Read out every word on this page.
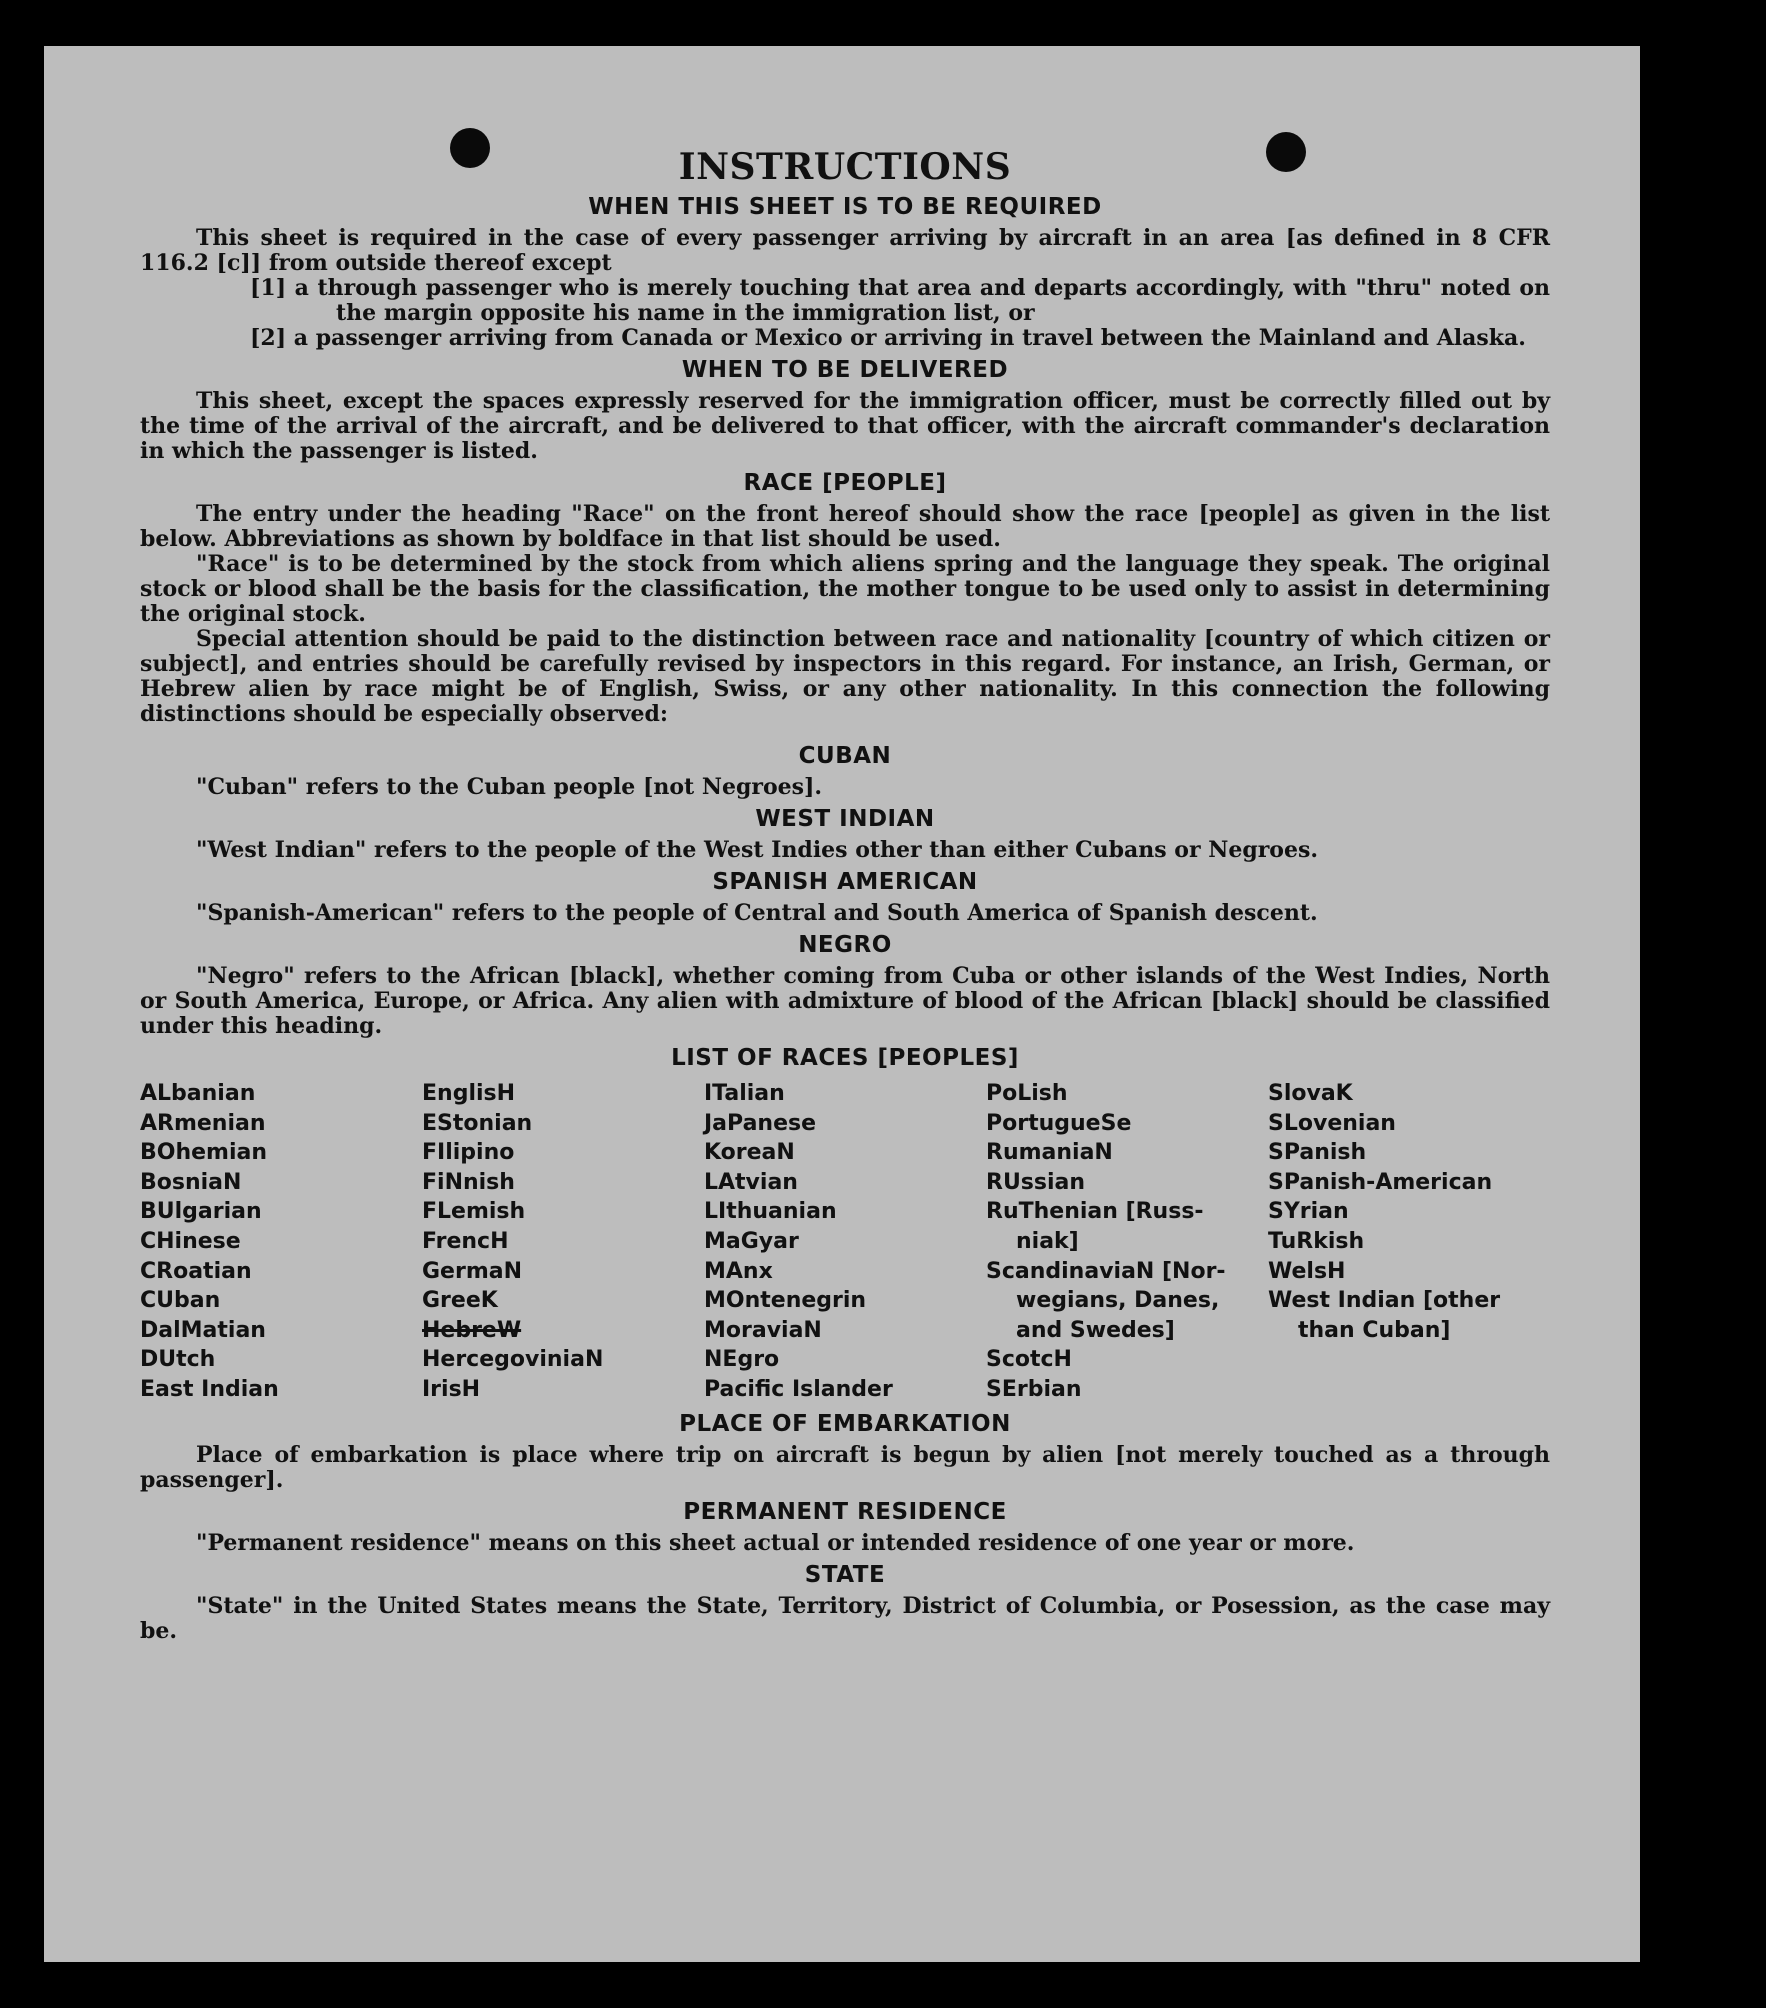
INSTRUCTIONS
WHEN THIS SHEET IS TO BE REQUIRED

This sheet is required in the case of every passenger arriving by aircraft in an area [as defined in 8 CFR 116.2 [c]] from outside thereof except

[1] a through passenger who is merely touching that area and departs accordingly, with "thru" noted on the margin opposite his name in the immigration list, or
[2] a passenger arriving from Canada or Mexico or arriving in travel between the Mainland and Alaska.
WHEN TO BE DELIVERED

This sheet, except the spaces expressly reserved for the immigration officer, must be correctly filled out by the time of the arrival of the aircraft, and be delivered to that officer, with the aircraft commander's declaration in which the passenger is listed.

RACE [PEOPLE]

The entry under the heading "Race" on the front hereof should show the race [people] as given in the list below. Abbreviations as shown by boldface in that list should be used.

"Race" is to be determined by the stock from which aliens spring and the language they speak. The original stock or blood shall be the basis for the classification, the mother tongue to be used only to assist in determining the original stock.

Special attention should be paid to the distinction between race and nationality [country of which citizen or subject], and entries should be carefully revised by inspectors in this regard. For instance, an Irish, German, or Hebrew alien by race might be of English, Swiss, or any other nationality. In this connection the following distinctions should be especially observed:

CUBAN

"Cuban" refers to the Cuban people [not Negroes].

WEST INDIAN

"West Indian" refers to the people of the West Indies other than either Cubans or Negroes.

SPANISH AMERICAN

"Spanish-American" refers to the people of Central and South America of Spanish descent.

NEGRO

"Negro" refers to the African [black], whether coming from Cuba or other islands of the West Indies, North or South America, Europe, or Africa. Any alien with admixture of blood of the African [black] should be classified under this heading.

LIST OF RACES [PEOPLES]
ALbanian
ARmenian
BOhemian
BosniaN
BUlgarian
CHinese
CRoatian
CUban
DalMatian
DUtch
East Indian
EnglisH
EStonian
FIlipino
FiNnish
FLemish
FrencH
GermaN
GreeK
HebreW
HercegoviniaN
IrisH
ITalian
JaPanese
KoreaN
LAtvian
LIthuanian
MaGyar
MAnx
MOntenegrin
MoraviaN
NEgro
Pacific Islander
PoLish
PortugueSe
RumaniaN
RUssian
RuThenian [Russ-
niak]
ScandinaviaN [Nor-
wegians, Danes,
and Swedes]
ScotcH
SErbian
SlovaK
SLovenian
SPanish
SPanish-American
SYrian
TuRkish
WelsH
West Indian [other
than Cuban]
PLACE OF EMBARKATION

Place of embarkation is place where trip on aircraft is begun by alien [not merely touched as a through passenger].

PERMANENT RESIDENCE

"Permanent residence" means on this sheet actual or intended residence of one year or more.

STATE

"State" in the United States means the State, Territory, District of Columbia, or Posession, as the case may be.
